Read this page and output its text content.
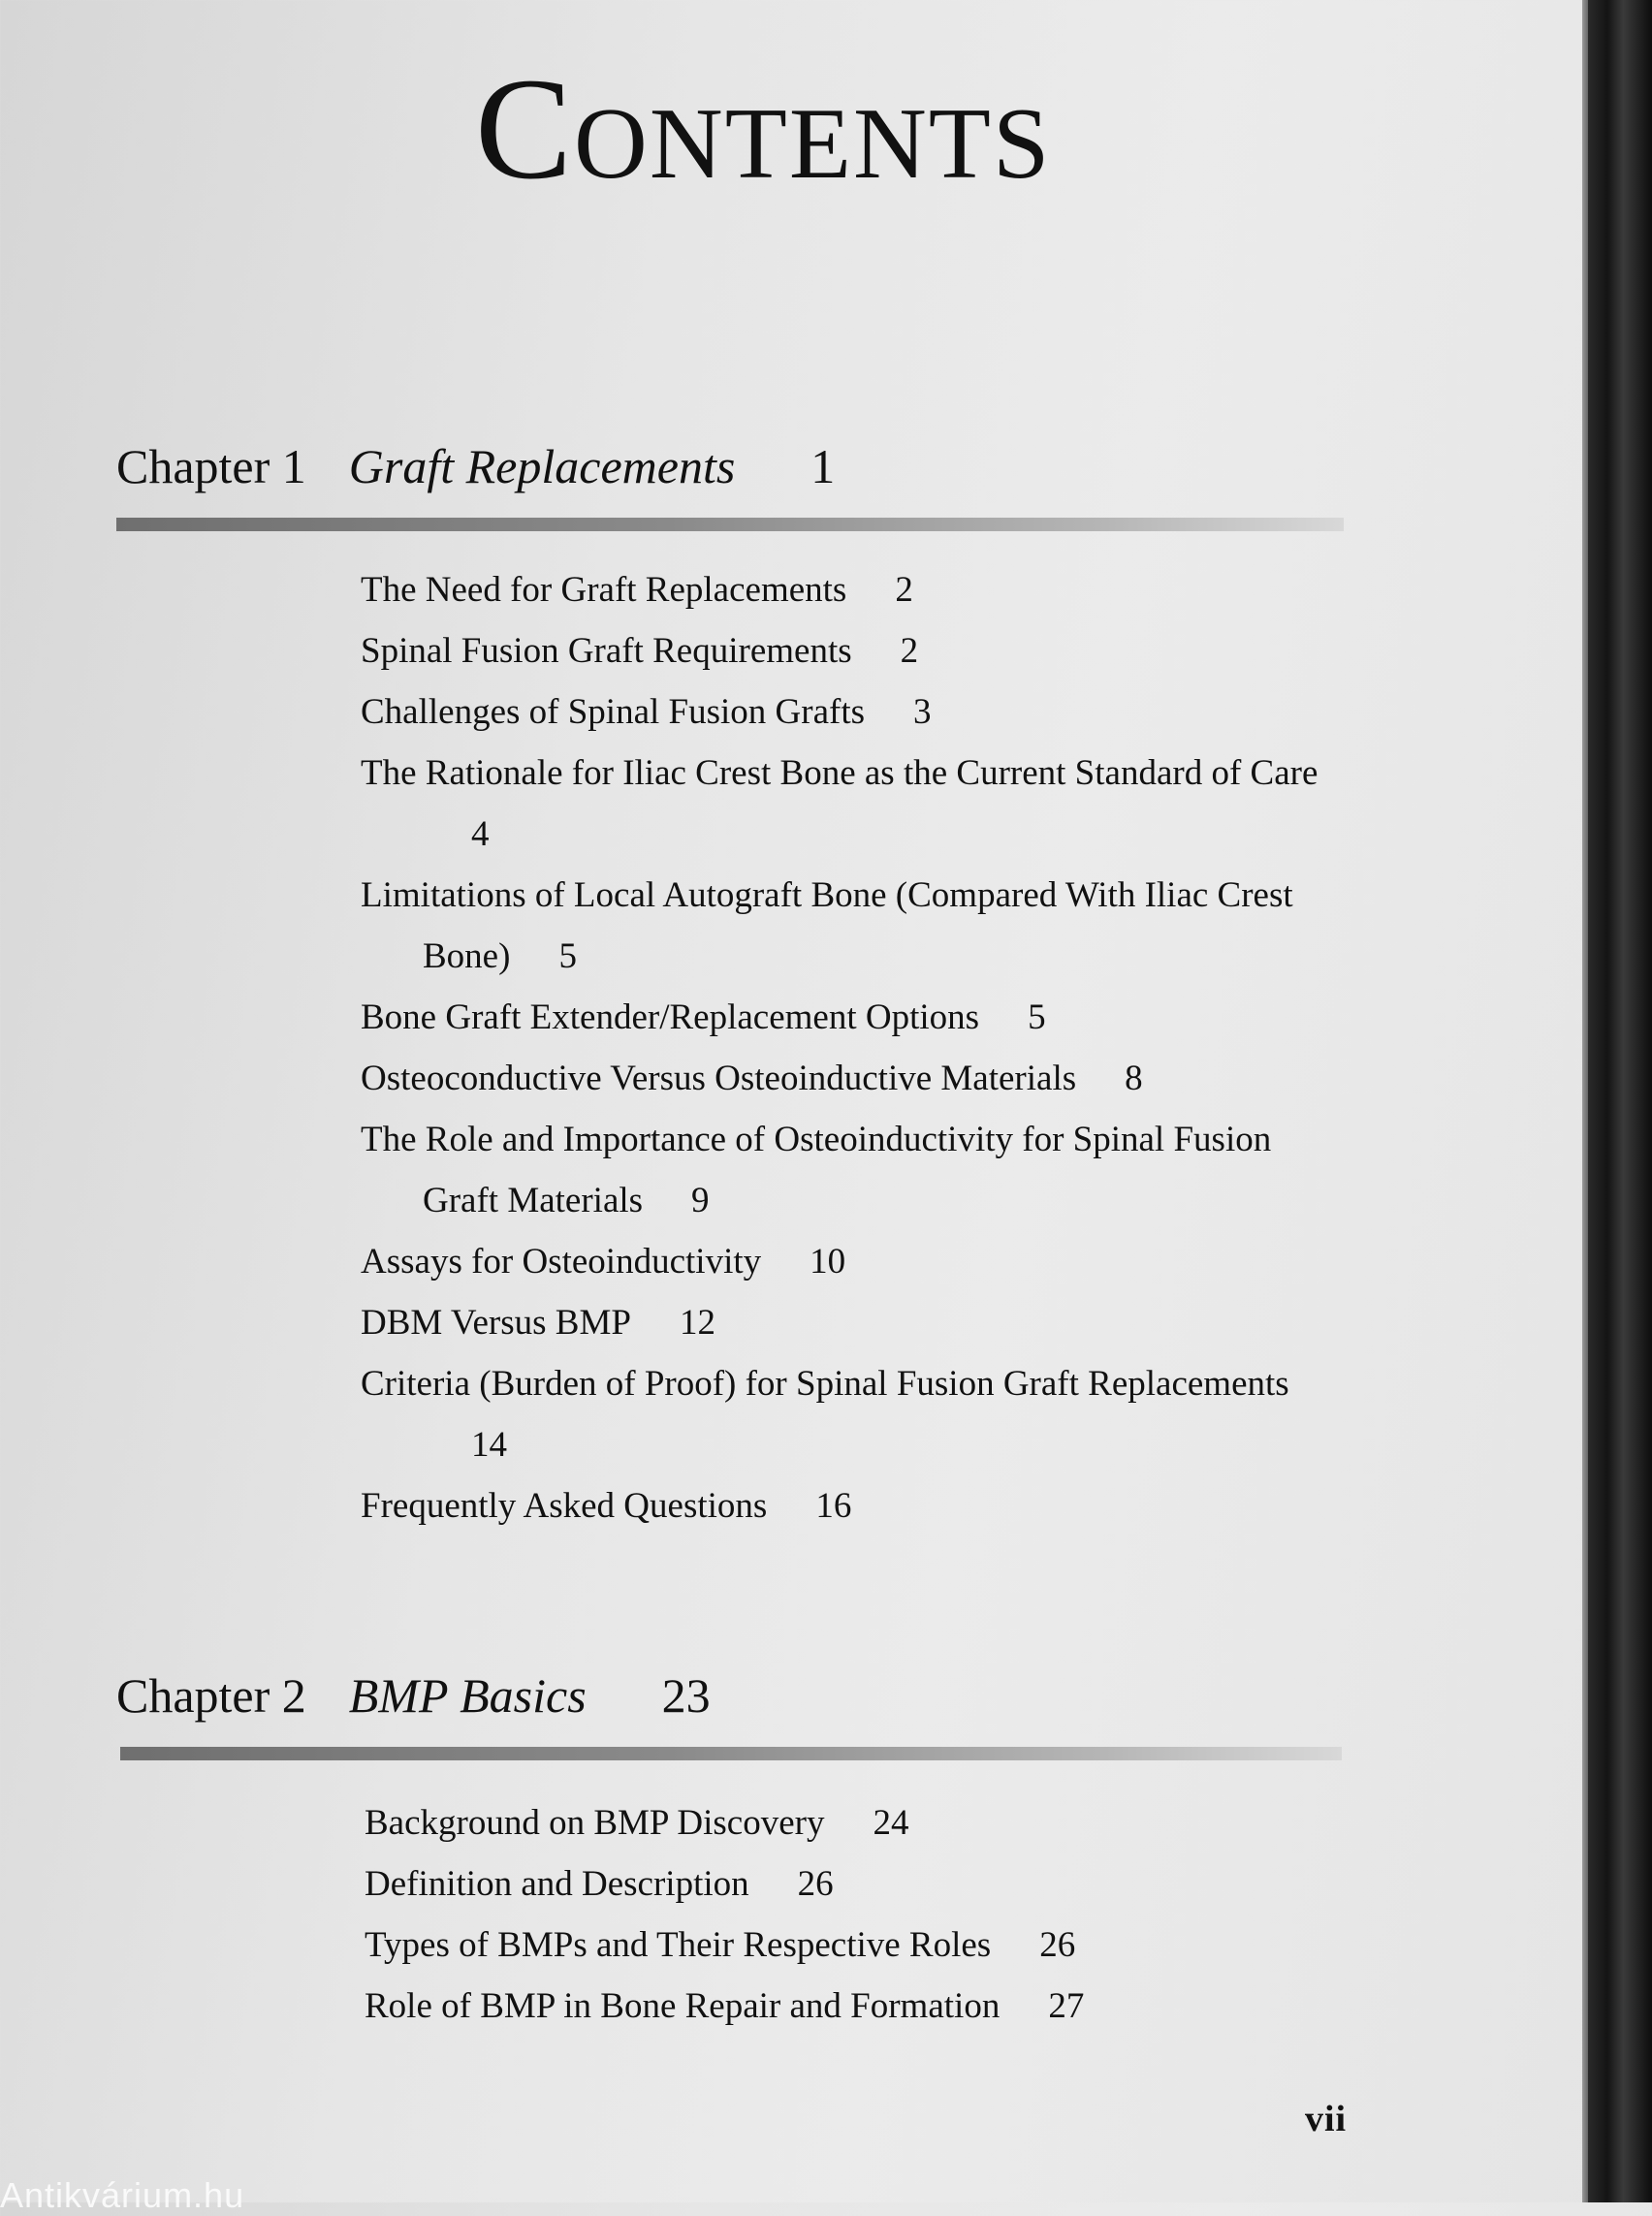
Contents
Chapter 1 Graft Replacements 1
The Need for Graft Replacements 2
Spinal Fusion Graft Requirements 2
Challenges of Spinal Fusion Grafts 3
The Rationale for Iliac Crest Bone as the Current Standard of Care4
Limitations of Local Autograft Bone (Compared With Iliac Crest Bone) 5
Bone Graft Extender/Replacement Options 5
Osteoconductive Versus Osteoinductive Materials 8
The Role and Importance of Osteoinductivity for Spinal Fusion Graft Materials 9
Assays for Osteoinductivity 10
DBM Versus BMP 12
Criteria (Burden of Proof) for Spinal Fusion Graft Replacements14
Frequently Asked Questions 16
Chapter 2 BMP Basics 23
Background on BMP Discovery 24
Definition and Description 26
Types of BMPs and Their Respective Roles 26
Role of BMP in Bone Repair and Formation 27
vii
Antikvárium.hu
